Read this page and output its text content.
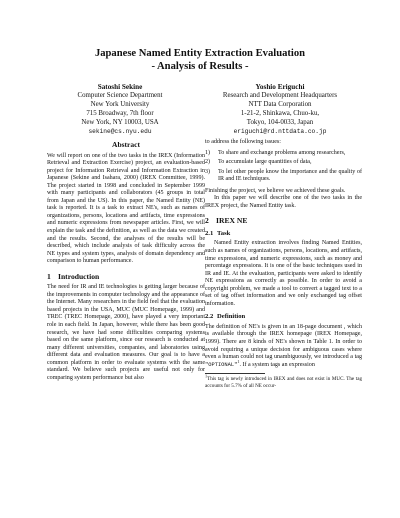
Japanese Named Entity Extraction Evaluation
- Analysis of Results -
Satoshi Sekine
Computer Science Department
New York University
715 Broadway, 7th floor
New York, NY 10003, USA
sekine@cs.nyu.edu
Yoshio Eriguchi
Research and Development Headquarters
NTT Data Corporation
1-21-2, Shinkawa, Chuo-ku,
Tokyo, 104-0033, Japan
eriguchi@rd.nttdata.co.jp
Abstract

We will report on one of the two tasks in the IREX (Information Retrieval and Extraction Exercise) project, an evaluation-based project for Information Retrieval and Information Extraction in Japanese (Sekine and Isahara, 2000) (IREX Committee, 1999). The project started in 1998 and concluded in September 1999 with many participants and collaborators (45 groups in total from Japan and the US). In this paper, the Named Entity (NE) task is reported. It is a task to extract NE's, such as names of organizations, persons, locations and artifacts, time expressions and numeric expressions from newspaper articles. First, we will explain the task and the definition, as well as the data we created and the results. Second, the analyses of the results will be described, which include analysis of task difficulty across the NE types and system types, analysis of domain dependency and comparison to human performance.

1 Introduction

The need for IR and IE technologies is getting larger because of the improvements in computer technology and the appearance of the Internet. Many researchers in the field feel that the evaluation based projects in the USA, MUC (MUC Homepage, 1999) and TREC (TREC Homepage, 2000), have played a very important role in each field. In Japan, however, while there has been good research, we have had some difficulties comparing systems based on the same platform, since our research is conducted at many different universities, companies, and laboratories using different data and evaluation measures. Our goal is to have a common platform in order to evaluate systems with the same standard. We believe such projects are useful not only for comparing system performance but also

to address the following issues:

1) To share and exchange problems among researchers,
2) To accumulate large quantities of data,
3) To let other people know the importance and the quality of IR and IE techniques.

Finishing the project, we believe we achieved these goals.

In this paper we will describe one of the two tasks in the IREX project, the Named Entity task.

2 IREX NE
2.1 Task

Named Entity extraction involves finding Named Entities, such as names of organizations, persons, locations, and artifacts, time expressions, and numeric expressions, such as money and percentage expressions. It is one of the basic techniques used in IR and IE. At the evaluation, participants were asked to identify NE expressions as correctly as possible. In order to avoid a copyright problem, we made a tool to convert a tagged text to a set of tag offset information and we only exchanged tag offset information.

2.2 Definition

The definition of NE's is given in an 18-page document , which is available through the IREX homepage (IREX Homepage, 1999). There are 8 kinds of NE's shown in Table 1. In order to avoid requiring a unique decision for ambiguous cases where even a human could not tag unambiguously, we introduced a tag "OPTIONAL"$^1$. If a system tags an expression

$^1$This tag is newly introduced in IREX and does not exist in MUC. The tag accounts for 5.7% of all NE occur-
